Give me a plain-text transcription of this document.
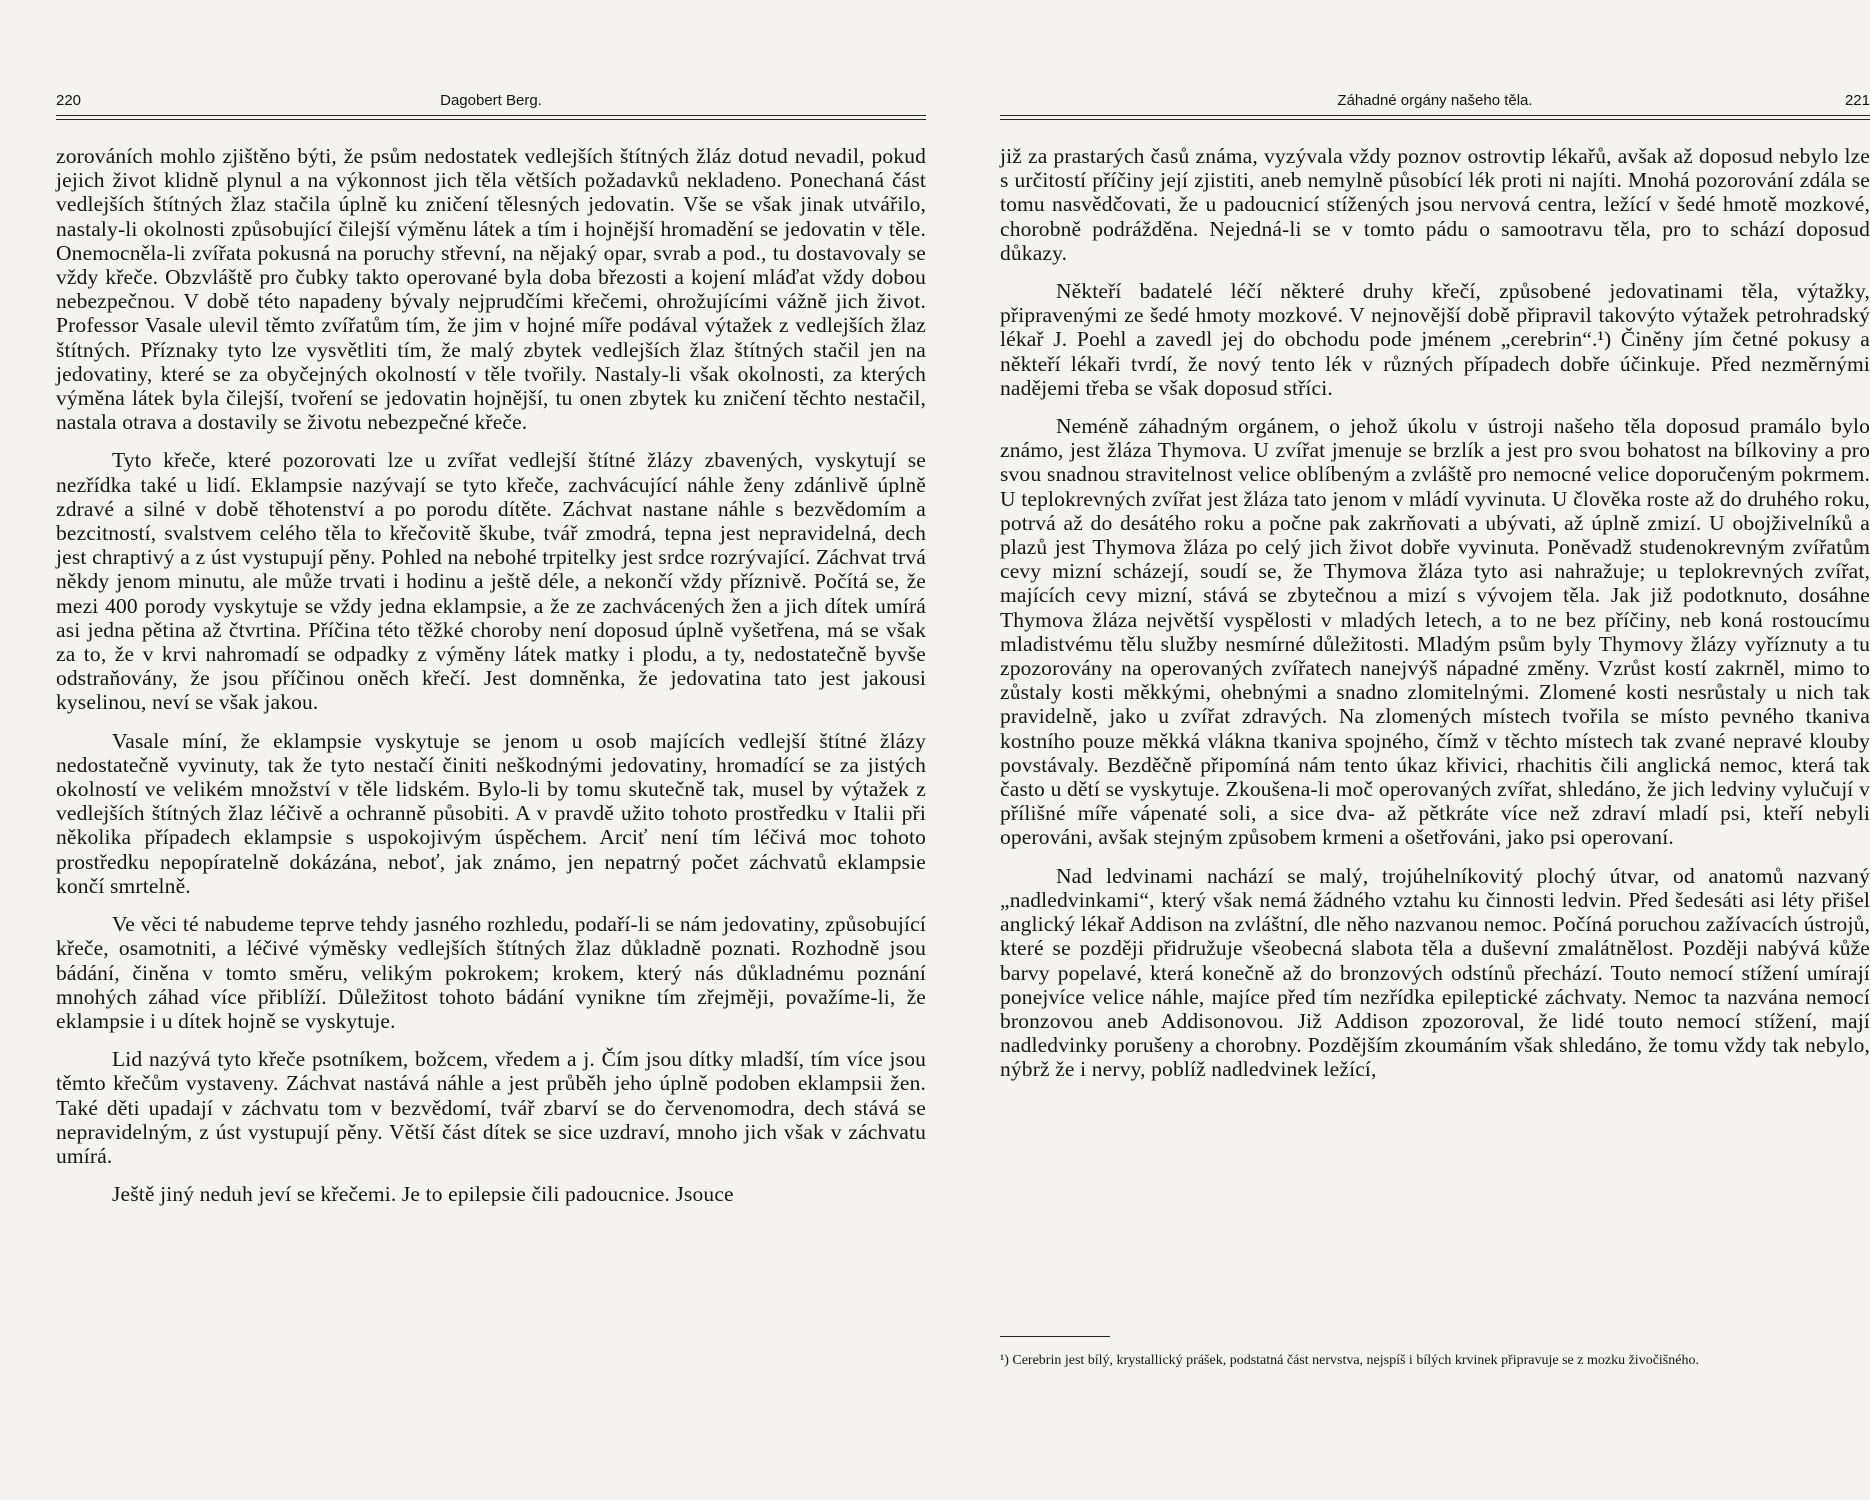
220	Dagobert Berg.

zorováních mohlo zjištěno býti, že psům nedostatek vedlejších štítných žláz dotud nevadil, pokud jejich život klidně plynul a na výkonnost jich těla větších požadavků nekladeno. Ponechaná část vedlejších štítných žlaz stačila úplně ku zničení tělesných jedovatin. Vše se však jinak utvářilo, nastaly-li okolnosti způsobující čilejší výměnu látek a tím i hojnější hromadění se jedovatin v těle. Onemocněla-li zvířata pokusná na poruchy střevní, na nějaký opar, svrab a pod., tu dostavovaly se vždy křeče. Obzvláště pro čubky takto operované byla doba březosti a kojení mláďat vždy dobou nebezpečnou. V době této napadeny bývaly nejprudčími křečemi, ohrožujícími vážně jich život. Professor Vasale ulevil těmto zvířatům tím, že jim v hojné míře podával výtažek z vedlejších žlaz štítných. Příznaky tyto lze vysvětliti tím, že malý zbytek vedlejších žlaz štítných stačil jen na jedovatiny, které se za obyčejných okolností v těle tvořily. Nastaly-li však okolnosti, za kterých výměna látek byla čilejší, tvoření se jedovatin hojnější, tu onen zbytek ku zničení těchto nestačil, nastala otrava a dostavily se životu nebezpečné křeče.

Tyto křeče, které pozorovati lze u zvířat vedlejší štítné žlázy zbavených, vyskytují se nezřídka také u lidí. Eklampsie nazývají se tyto křeče, zachvácující náhle ženy zdánlivě úplně zdravé a silné v době těhotenství a po porodu dítěte. Záchvat nastane náhle s bezvědomím a bezcitností, svalstvem celého těla to křečovitě škube, tvář zmodrá, tepna jest nepravidelná, dech jest chraptivý a z úst vystupují pěny. Pohled na nebohé trpitelky jest srdce rozrývající. Záchvat trvá někdy jenom minutu, ale může trvati i hodinu a ještě déle, a nekončí vždy příznivě. Počítá se, že mezi 400 porody vyskytuje se vždy jedna eklampsie, a že ze zachvácených žen a jich dítek umírá asi jedna pětina až čtvrtina. Příčina této těžké choroby není doposud úplně vyšetřena, má se však za to, že v krvi nahromadí se odpadky z výměny látek matky i plodu, a ty, nedostatečně byvše odstraňovány, že jsou příčinou oněch křečí. Jest domněnka, že jedovatina tato jest jakousi kyselinou, neví se však jakou.

Vasale míní, že eklampsie vyskytuje se jenom u osob majících vedlejší štítné žlázy nedostatečně vyvinuty, tak že tyto nestačí činiti neškodnými jedovatiny, hromadící se za jistých okolností ve velikém množství v těle lidském. Bylo-li by tomu skutečně tak, musel by výtažek z vedlejších štítných žlaz léčivě a ochranně působiti. A v pravdě užito tohoto prostředku v Italii při několika případech eklampsie s uspokojivým úspěchem. Arciť není tím léčivá moc tohoto prostředku nepopíratelně dokázána, neboť, jak známo, jen nepatrný počet záchvatů eklampsie končí smrtelně.

Ve věci té nabudeme teprve tehdy jasného rozhledu, podaří-li se nám jedovatiny, způsobující křeče, osamotniti, a léčivé výměsky vedlejších štítných žlaz důkladně poznati. Rozhodně jsou bádání, činěna v tomto směru, velikým pokrokem; krokem, který nás důkladnému poznání mnohých záhad více přiblíží. Důležitost tohoto bádání vynikne tím zřejměji, považíme-li, že eklampsie i u dítek hojně se vyskytuje.

Lid nazývá tyto křeče psotníkem, božcem, vředem a j. Čím jsou dítky mladší, tím více jsou těmto křečům vystaveny. Záchvat nastává náhle a jest průběh jeho úplně podoben eklampsii žen. Také děti upadají v záchvatu tom v bezvědomí, tvář zbarví se do červenomodra, dech stává se nepravidelným, z úst vystupují pěny. Větší část dítek se sice uzdraví, mnoho jich však v záchvatu umírá.

Ještě jiný neduh jeví se křečemi. Je to epilepsie čili padoucnice. Jsouce

Záhadné orgány našeho těla.	221

již za prastarých časů známa, vyzývala vždy poznov ostrovtip lékařů, avšak až doposud nebylo lze s určitostí příčiny její zjistiti, aneb nemylně působící lék proti ni najíti. Mnohá pozorování zdála se tomu nasvědčovati, že u padoucnicí stížených jsou nervová centra, ležící v šedé hmotě mozkové, chorobně podrážděna. Nejedná-li se v tomto pádu o samootravu těla, pro to schází doposud důkazy.

Někteří badatelé léčí některé druhy křečí, způsobené jedovatinami těla, výtažky, připravenými ze šedé hmoty mozkové. V nejnovější době připravil takovýto výtažek petrohradský lékař J. Poehl a zavedl jej do obchodu pode jménem „cerebrin“.¹) Činěny jím četné pokusy a někteří lékaři tvrdí, že nový tento lék v různých případech dobře účinkuje. Před nezměrnými nadějemi třeba se však doposud stříci.

Neméně záhadným orgánem, o jehož úkolu v ústroji našeho těla doposud pramálo bylo známo, jest žláza Thymova. U zvířat jmenuje se brzlík a jest pro svou bohatost na bílkoviny a pro svou snadnou stravitelnost velice oblíbeným a zvláště pro nemocné velice doporučeným pokrmem. U teplokrevných zvířat jest žláza tato jenom v mládí vyvinuta. U člověka roste až do druhého roku, potrvá až do desátého roku a počne pak zakrňovati a ubývati, až úplně zmizí. U obojživelníků a plazů jest Thymova žláza po celý jich život dobře vyvinuta. Poněvadž studenokrevným zvířatům cevy mizní scházejí, soudí se, že Thymova žláza tyto asi nahražuje; u teplokrevných zvířat, majících cevy mizní, stává se zbytečnou a mizí s vývojem těla. Jak již podotknuto, dosáhne Thymova žláza největší vyspělosti v mladých letech, a to ne bez příčiny, neb koná rostoucímu mladistvému tělu služby nesmírné důležitosti. Mladým psům byly Thymovy žlázy vyříznuty a tu zpozorovány na operovaných zvířatech nanejvýš nápadné změny. Vzrůst kostí zakrněl, mimo to zůstaly kosti měkkými, ohebnými a snadno zlomitelnými. Zlomené kosti nesrůstaly u nich tak pravidelně, jako u zvířat zdravých. Na zlomených místech tvořila se místo pevného tkaniva kostního pouze měkká vlákna tkaniva spojného, čímž v těchto místech tak zvané nepravé klouby povstávaly. Bezděčně připomíná nám tento úkaz křivici, rhachitis čili anglická nemoc, která tak často u dětí se vyskytuje. Zkoušena-li moč operovaných zvířat, shledáno, že jich ledviny vylučují v přílišné míře vápenaté soli, a sice dva- až pětkráte více než zdraví mladí psi, kteří nebyli operováni, avšak stejným způsobem krmeni a ošetřováni, jako psi operovaní.

Nad ledvinami nachází se malý, trojúhelníkovitý plochý útvar, od anatomů nazvaný „nadledvinkami“, který však nemá žádného vztahu ku činnosti ledvin. Před šedesáti asi léty přišel anglický lékař Addison na zvláštní, dle něho nazvanou nemoc. Počíná poruchou zažívacích ústrojů, které se později přidružuje všeobecná slabota těla a duševní zmalátnělost. Později nabývá kůže barvy popelavé, která konečně až do bronzových odstínů přechází. Touto nemocí stížení umírají ponejvíce velice náhle, majíce před tím nezřídka epileptické záchvaty. Nemoc ta nazvána nemocí bronzovou aneb Addisonovou. Již Addison zpozoroval, že lidé touto nemocí stížení, mají nadledvinky porušeny a chorobny. Pozdějším zkoumáním však shledáno, že tomu vždy tak nebylo, nýbrž že i nervy, poblíž nadledvinek ležící,

¹) Cerebrin jest bílý, krystallický prášek, podstatná část nervstva, nejspíš i bílých krvinek připravuje se z mozku živočišného.
